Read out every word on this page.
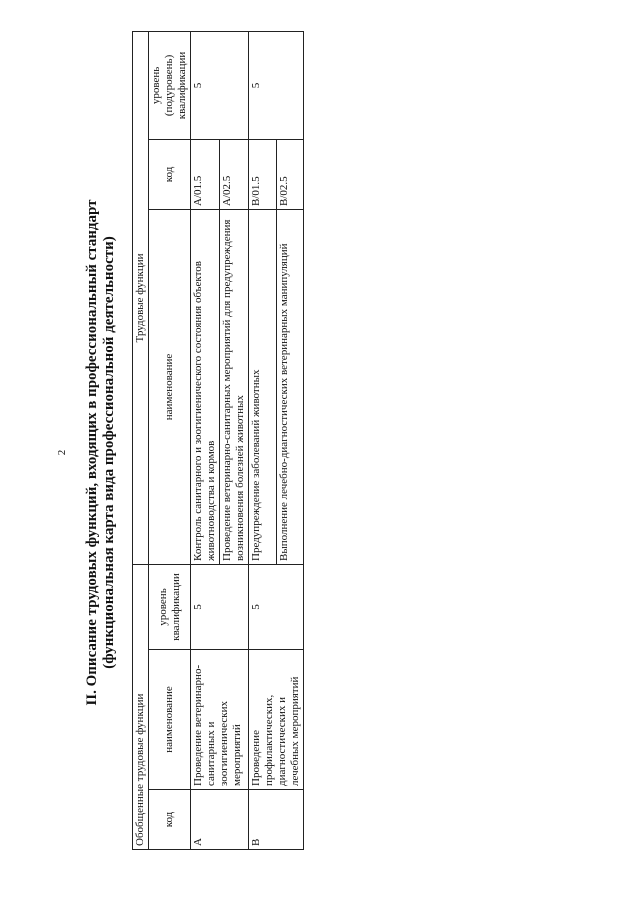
2 II. Описание трудовых функций, входящих в профессиональный стандарт (функциональная карта вида профессиональной деятельности)
Обобщенные трудовые функции			Трудовые функции		
код	наименование	уровень квалификации	наименование	код	уровень (подуровень) квалификации
A	Проведение ветеринарно-санитарных и зоогигиенических мероприятий	5	Контроль санитарного и зоогигиенического состояния объектов животноводства и кормов	A/01.5	5
			Проведение ветеринарно-санитарных мероприятий для предупреждения возникновения болезней животных	A/02.5	
B	Проведение профилактических, диагностических и лечебных мероприятий	5	Предупреждение заболеваний животных	B/01.5	5
			Выполнение лечебно-диагностических ветеринарных манипуляций	B/02.5	
